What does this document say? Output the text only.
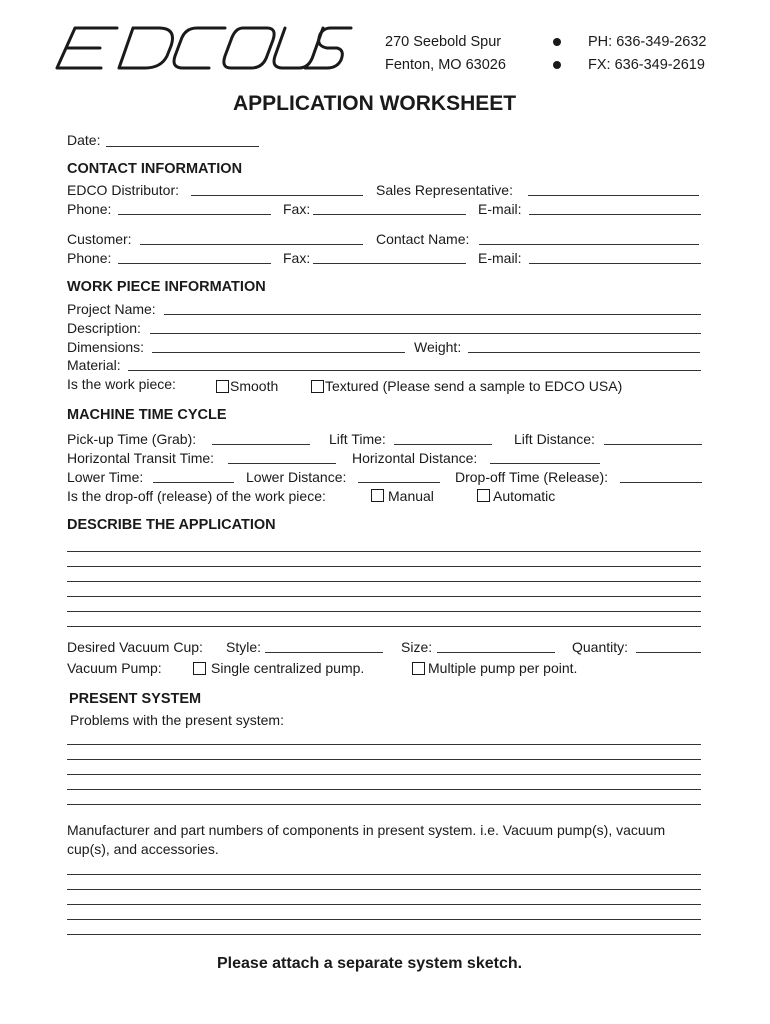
270 Seebold Spur
Fenton, MO 63026
PH: 636-349-2632
FX: 636-349-2619
APPLICATION WORKSHEET
Date:
CONTACT INFORMATION
EDCO Distributor:	Sales Representative:
Phone:	Fax:	E-mail:
Customer:	Contact Name:
Phone:	Fax:	E-mail:
WORK PIECE INFORMATION
Project Name:
Description:
Dimensions:	Weight:
Material:
Is the work piece:	Smooth	Textured (Please send a sample to EDCO USA)
MACHINE TIME CYCLE
Pick-up Time (Grab):	Lift Time:	Lift Distance:
Horizontal Transit Time:	Horizontal Distance:
Lower Time:	Lower Distance:	Drop-off Time (Release):
Is the drop-off (release) of the work piece:	Manual	Automatic
DESCRIBE THE APPLICATION
Desired Vacuum Cup: Style:	Size:	Quantity:
Vacuum Pump:	Single centralized pump.	Multiple pump per point.
PRESENT SYSTEM
Problems with the present system:
Manufacturer and part numbers of components in present system. i.e. Vacuum pump(s), vacuum
cup(s), and accessories.
Please attach a separate system sketch.
